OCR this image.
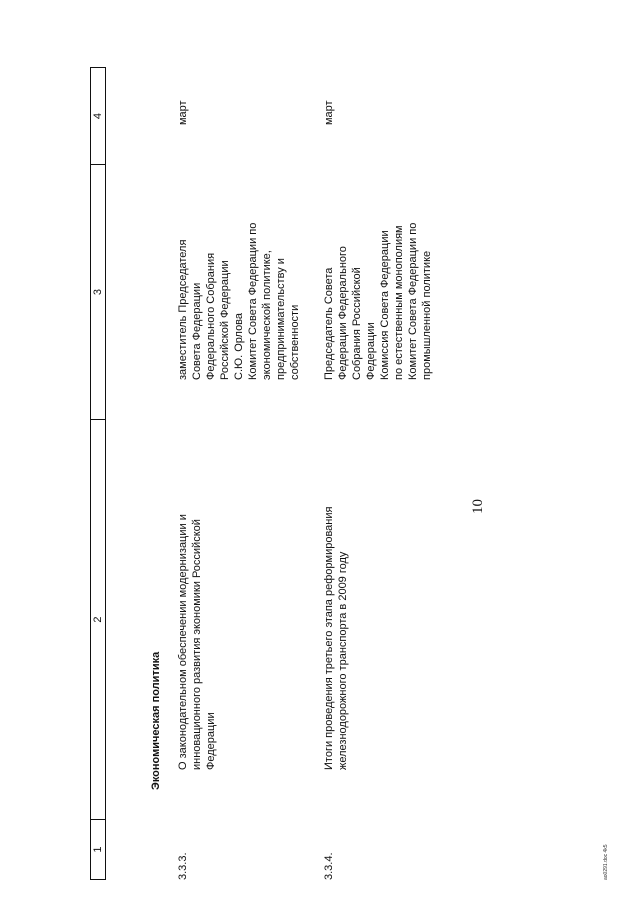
10
1
2
3
4
Экономическая политика
3.3.3.
О законодательном обеспечении модернизации и инновационного развития экономики Российской Федерации
заместитель Председателя Совета Федерации Федерального Собрания Российской Федерации С.Ю. Орлова Комитет Совета Федерации по экономической политике, предпринимательству и собственности
март
3.3.4.
Итоги проведения третьего этапа реформирования железнодорожного транспорта в 2009 году
Председатель Совета Федерации Федерального Собрания Российской Федерации Комиссия Совета Федерации по естественным монополиям Комитет Совета Федерации по промышленной политике
март
ao0291.doc 4k5
